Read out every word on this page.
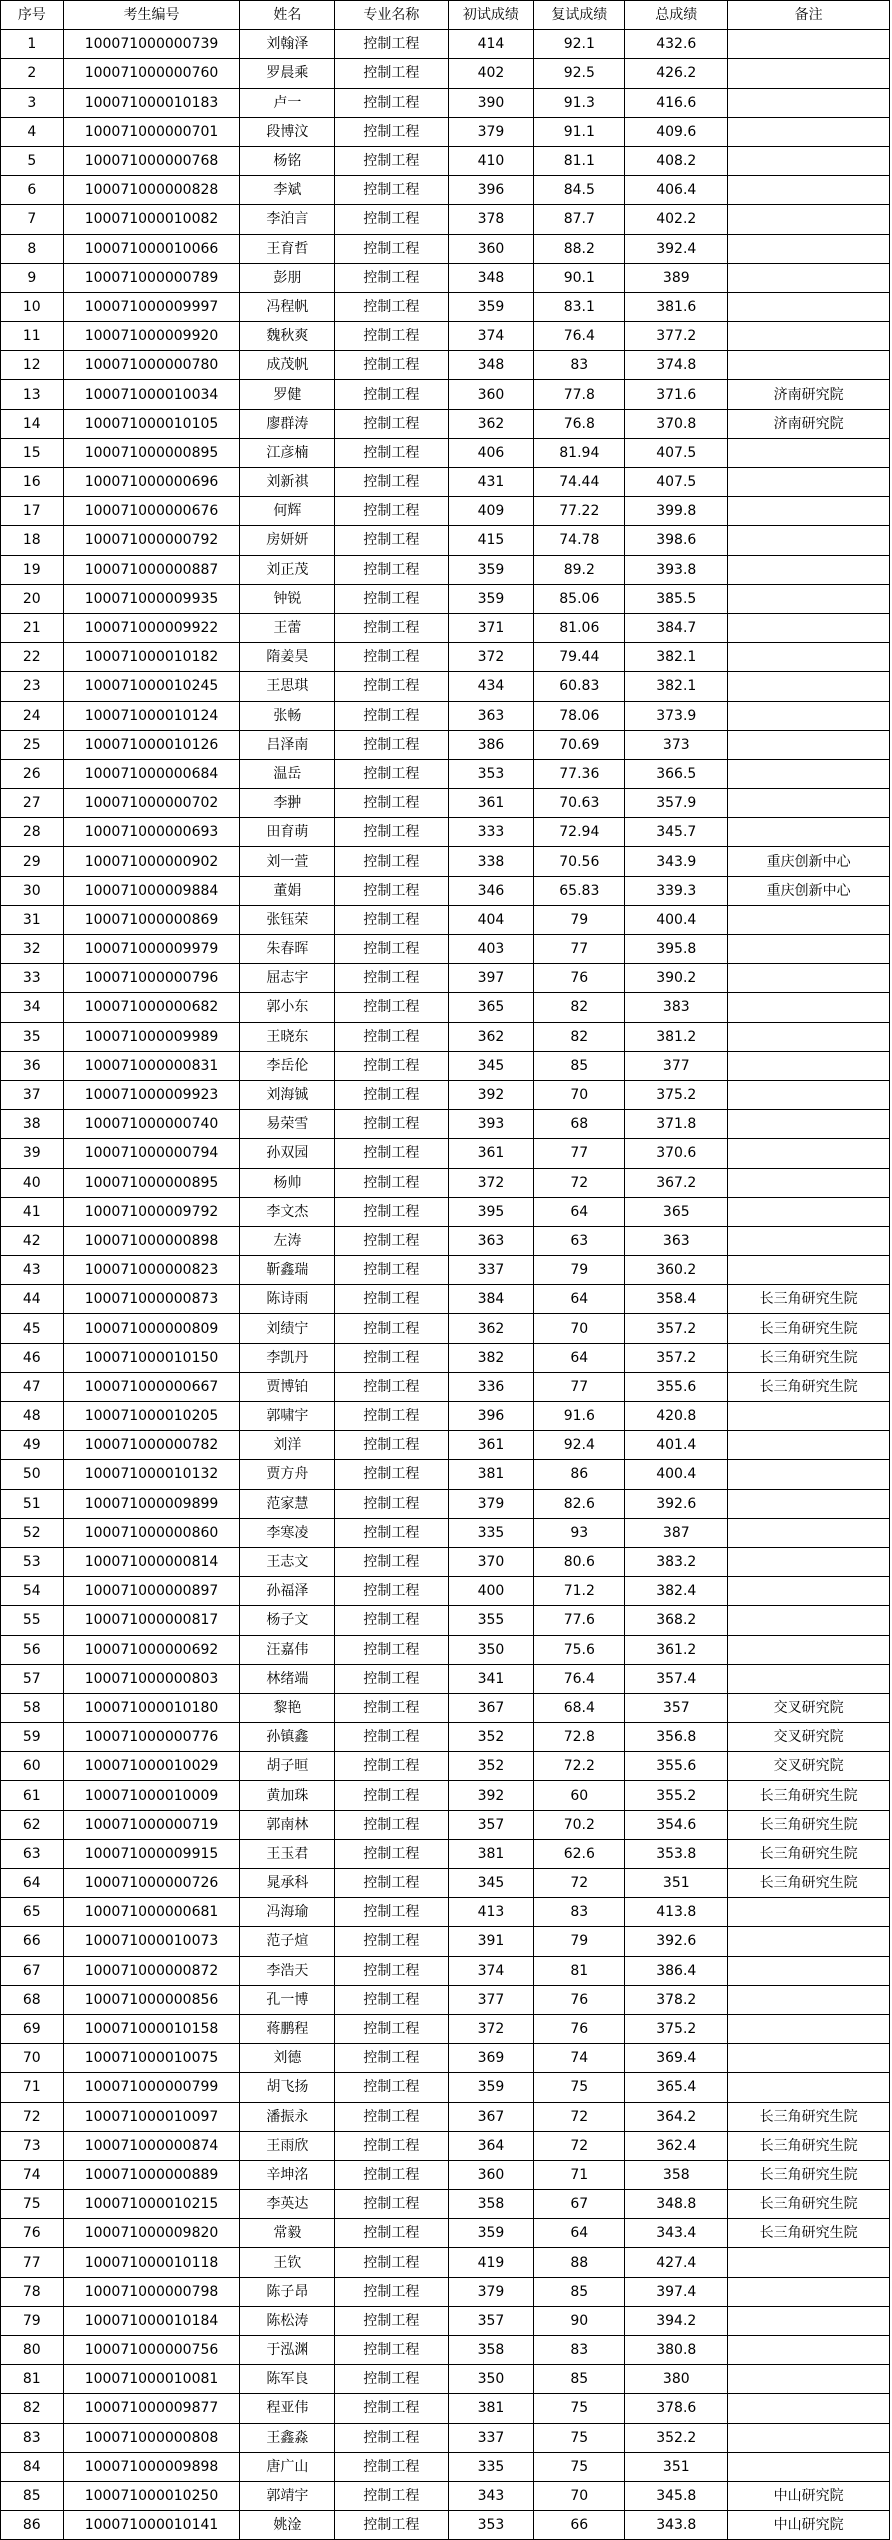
序号	考生编号	姓名	专业名称	初试成绩	复试成绩	总成绩	备注
1	100071000000739	刘翰泽	控制工程	414	92.1	432.6	
2	100071000000760	罗晨乘	控制工程	402	92.5	426.2	
3	100071000010183	卢一	控制工程	390	91.3	416.6	
4	100071000000701	段博汶	控制工程	379	91.1	409.6	
5	100071000000768	杨铭	控制工程	410	81.1	408.2	
6	100071000000828	李斌	控制工程	396	84.5	406.4	
7	100071000010082	李泊言	控制工程	378	87.7	402.2	
8	100071000010066	王育哲	控制工程	360	88.2	392.4	
9	100071000000789	彭朋	控制工程	348	90.1	389	
10	100071000009997	冯程帆	控制工程	359	83.1	381.6	
11	100071000009920	魏秋爽	控制工程	374	76.4	377.2	
12	100071000000780	成茂帆	控制工程	348	83	374.8	
13	100071000010034	罗健	控制工程	360	77.8	371.6	济南研究院
14	100071000010105	廖群涛	控制工程	362	76.8	370.8	济南研究院
15	100071000000895	江彦楠	控制工程	406	81.94	407.5	
16	100071000000696	刘新祺	控制工程	431	74.44	407.5	
17	100071000000676	何辉	控制工程	409	77.22	399.8	
18	100071000000792	房妍妍	控制工程	415	74.78	398.6	
19	100071000000887	刘正茂	控制工程	359	89.2	393.8	
20	100071000009935	钟锐	控制工程	359	85.06	385.5	
21	100071000009922	王蕾	控制工程	371	81.06	384.7	
22	100071000010182	隋姜昊	控制工程	372	79.44	382.1	
23	100071000010245	王思琪	控制工程	434	60.83	382.1	
24	100071000010124	张畅	控制工程	363	78.06	373.9	
25	100071000010126	吕泽南	控制工程	386	70.69	373	
26	100071000000684	温岳	控制工程	353	77.36	366.5	
27	100071000000702	李翀	控制工程	361	70.63	357.9	
28	100071000000693	田育萌	控制工程	333	72.94	345.7	
29	100071000000902	刘一萱	控制工程	338	70.56	343.9	重庆创新中心
30	100071000009884	董娟	控制工程	346	65.83	339.3	重庆创新中心
31	100071000000869	张钰荣	控制工程	404	79	400.4	
32	100071000009979	朱春晖	控制工程	403	77	395.8	
33	100071000000796	屈志宇	控制工程	397	76	390.2	
34	100071000000682	郭小东	控制工程	365	82	383	
35	100071000009989	王晓东	控制工程	362	82	381.2	
36	100071000000831	李岳伦	控制工程	345	85	377	
37	100071000009923	刘海铖	控制工程	392	70	375.2	
38	100071000000740	易荣雪	控制工程	393	68	371.8	
39	100071000000794	孙双园	控制工程	361	77	370.6	
40	100071000000895	杨帅	控制工程	372	72	367.2	
41	100071000009792	李文杰	控制工程	395	64	365	
42	100071000000898	左涛	控制工程	363	63	363	
43	100071000000823	靳鑫瑞	控制工程	337	79	360.2	
44	100071000000873	陈诗雨	控制工程	384	64	358.4	长三角研究生院
45	100071000000809	刘绩宁	控制工程	362	70	357.2	长三角研究生院
46	100071000010150	李凯丹	控制工程	382	64	357.2	长三角研究生院
47	100071000000667	贾博铂	控制工程	336	77	355.6	长三角研究生院
48	100071000010205	郭啸宇	控制工程	396	91.6	420.8	
49	100071000000782	刘洋	控制工程	361	92.4	401.4	
50	100071000010132	贾方舟	控制工程	381	86	400.4	
51	100071000009899	范家慧	控制工程	379	82.6	392.6	
52	100071000000860	李寒凌	控制工程	335	93	387	
53	100071000000814	王志文	控制工程	370	80.6	383.2	
54	100071000000897	孙福泽	控制工程	400	71.2	382.4	
55	100071000000817	杨子文	控制工程	355	77.6	368.2	
56	100071000000692	汪嘉伟	控制工程	350	75.6	361.2	
57	100071000000803	林绪端	控制工程	341	76.4	357.4	
58	100071000010180	黎艳	控制工程	367	68.4	357	交叉研究院
59	100071000000776	孙镇鑫	控制工程	352	72.8	356.8	交叉研究院
60	100071000010029	胡子晅	控制工程	352	72.2	355.6	交叉研究院
61	100071000010009	黄加珠	控制工程	392	60	355.2	长三角研究生院
62	100071000000719	郭南林	控制工程	357	70.2	354.6	长三角研究生院
63	100071000009915	王玉君	控制工程	381	62.6	353.8	长三角研究生院
64	100071000000726	晁承科	控制工程	345	72	351	长三角研究生院
65	100071000000681	冯海瑜	控制工程	413	83	413.8	
66	100071000010073	范子煊	控制工程	391	79	392.6	
67	100071000000872	李浩天	控制工程	374	81	386.4	
68	100071000000856	孔一博	控制工程	377	76	378.2	
69	100071000010158	蒋鹏程	控制工程	372	76	375.2	
70	100071000010075	刘德	控制工程	369	74	369.4	
71	100071000000799	胡飞扬	控制工程	359	75	365.4	
72	100071000010097	潘振永	控制工程	367	72	364.2	长三角研究生院
73	100071000000874	王雨欣	控制工程	364	72	362.4	长三角研究生院
74	100071000000889	辛坤洺	控制工程	360	71	358	长三角研究生院
75	100071000010215	李英达	控制工程	358	67	348.8	长三角研究生院
76	100071000009820	常毅	控制工程	359	64	343.4	长三角研究生院
77	100071000010118	王钦	控制工程	419	88	427.4	
78	100071000000798	陈子昂	控制工程	379	85	397.4	
79	100071000010184	陈松涛	控制工程	357	90	394.2	
80	100071000000756	于泓渊	控制工程	358	83	380.8	
81	100071000010081	陈军良	控制工程	350	85	380	
82	100071000009877	程亚伟	控制工程	381	75	378.6	
83	100071000000808	王鑫淼	控制工程	337	75	352.2	
84	100071000009898	唐广山	控制工程	335	75	351	
85	100071000010250	郭靖宇	控制工程	343	70	345.8	中山研究院
86	100071000010141	姚淦	控制工程	353	66	343.8	中山研究院
